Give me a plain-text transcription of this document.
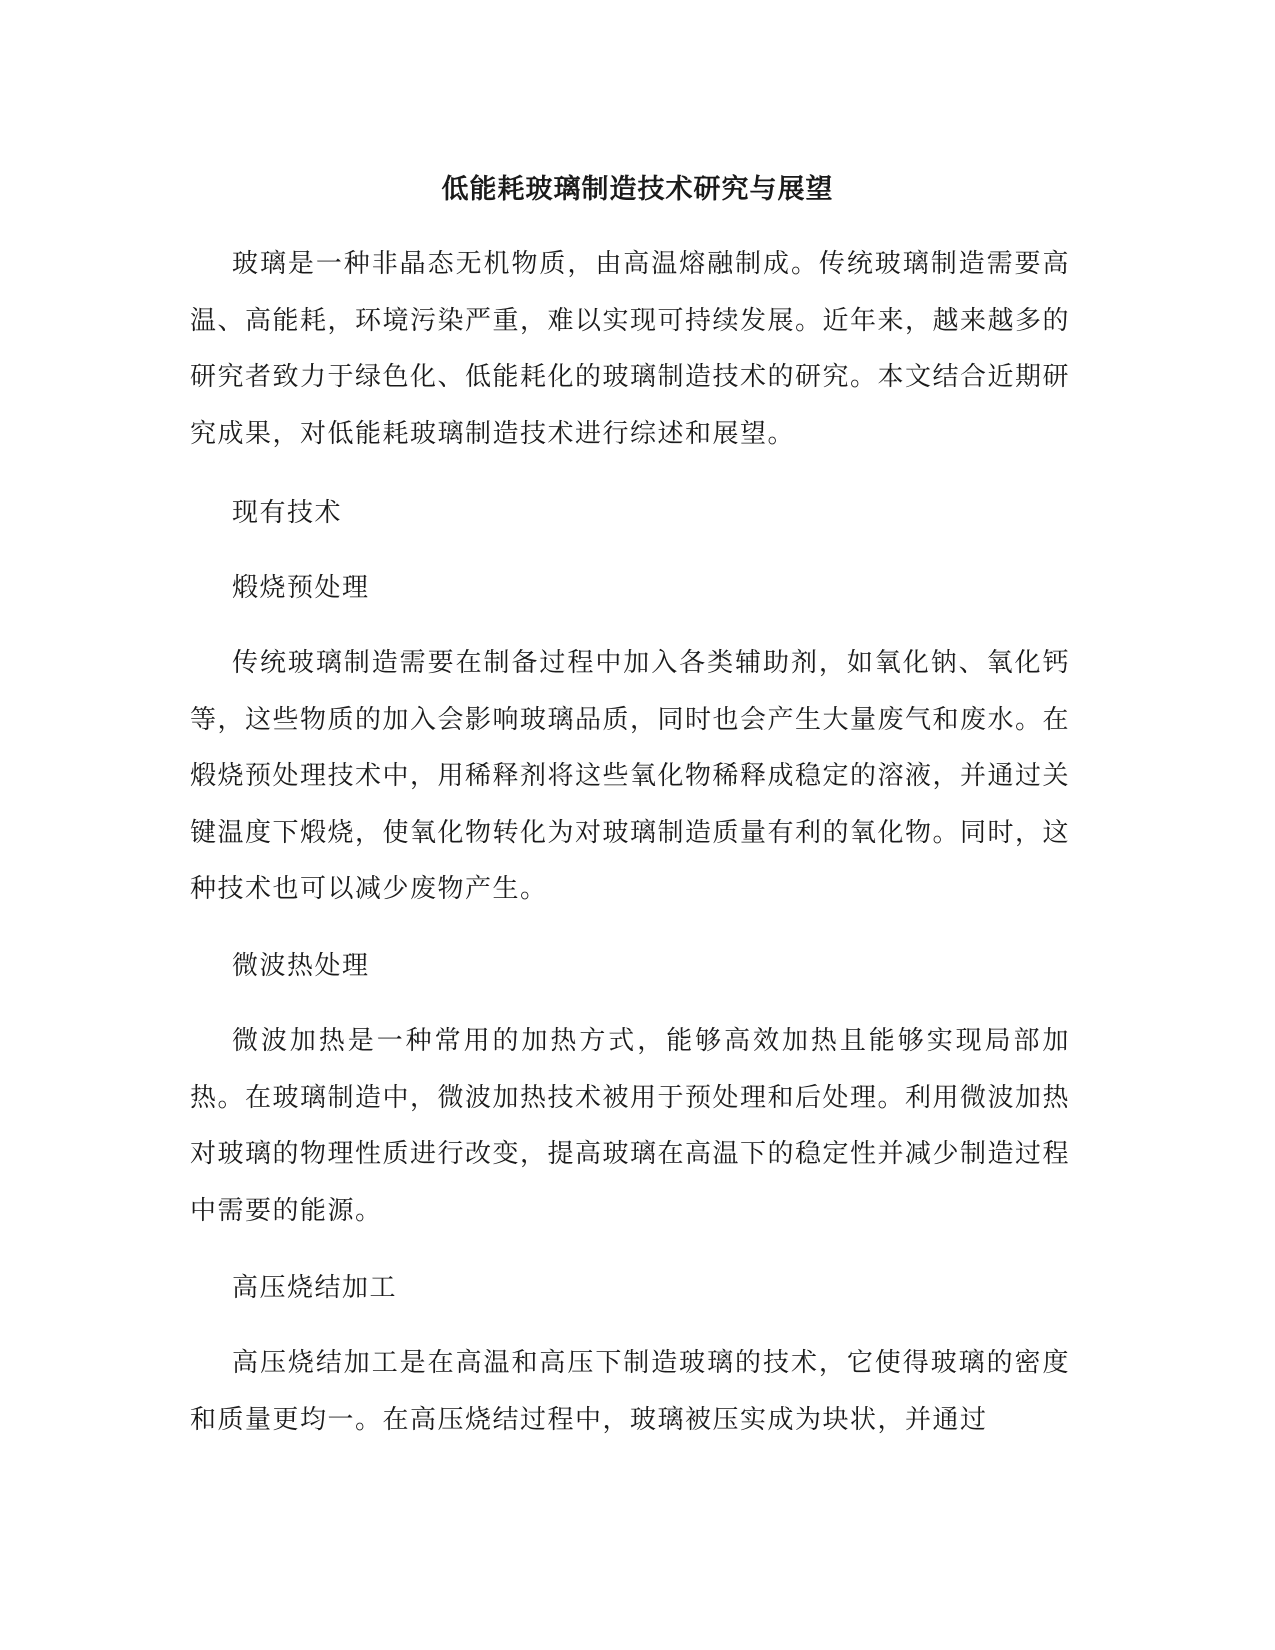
低能耗玻璃制造技术研究与展望

玻璃是一种非晶态无机物质，由高温熔融制成。传统玻璃制造需要高温、高能耗，环境污染严重，难以实现可持续发展。近年来，越来越多的研究者致力于绿色化、低能耗化的玻璃制造技术的研究。本文结合近期研究成果，对低能耗玻璃制造技术进行综述和展望。

现有技术

煅烧预处理

传统玻璃制造需要在制备过程中加入各类辅助剂，如氧化钠、氧化钙等，这些物质的加入会影响玻璃品质，同时也会产生大量废气和废水。在煅烧预处理技术中，用稀释剂将这些氧化物稀释成稳定的溶液，并通过关键温度下煅烧，使氧化物转化为对玻璃制造质量有利的氧化物。同时，这种技术也可以减少废物产生。

微波热处理

微波加热是一种常用的加热方式，能够高效加热且能够实现局部加热。在玻璃制造中，微波加热技术被用于预处理和后处理。利用微波加热对玻璃的物理性质进行改变，提高玻璃在高温下的稳定性并减少制造过程中需要的能源。

高压烧结加工

高压烧结加工是在高温和高压下制造玻璃的技术，它使得玻璃的密度和质量更均一。在高压烧结过程中，玻璃被压实成为块状，并通过
